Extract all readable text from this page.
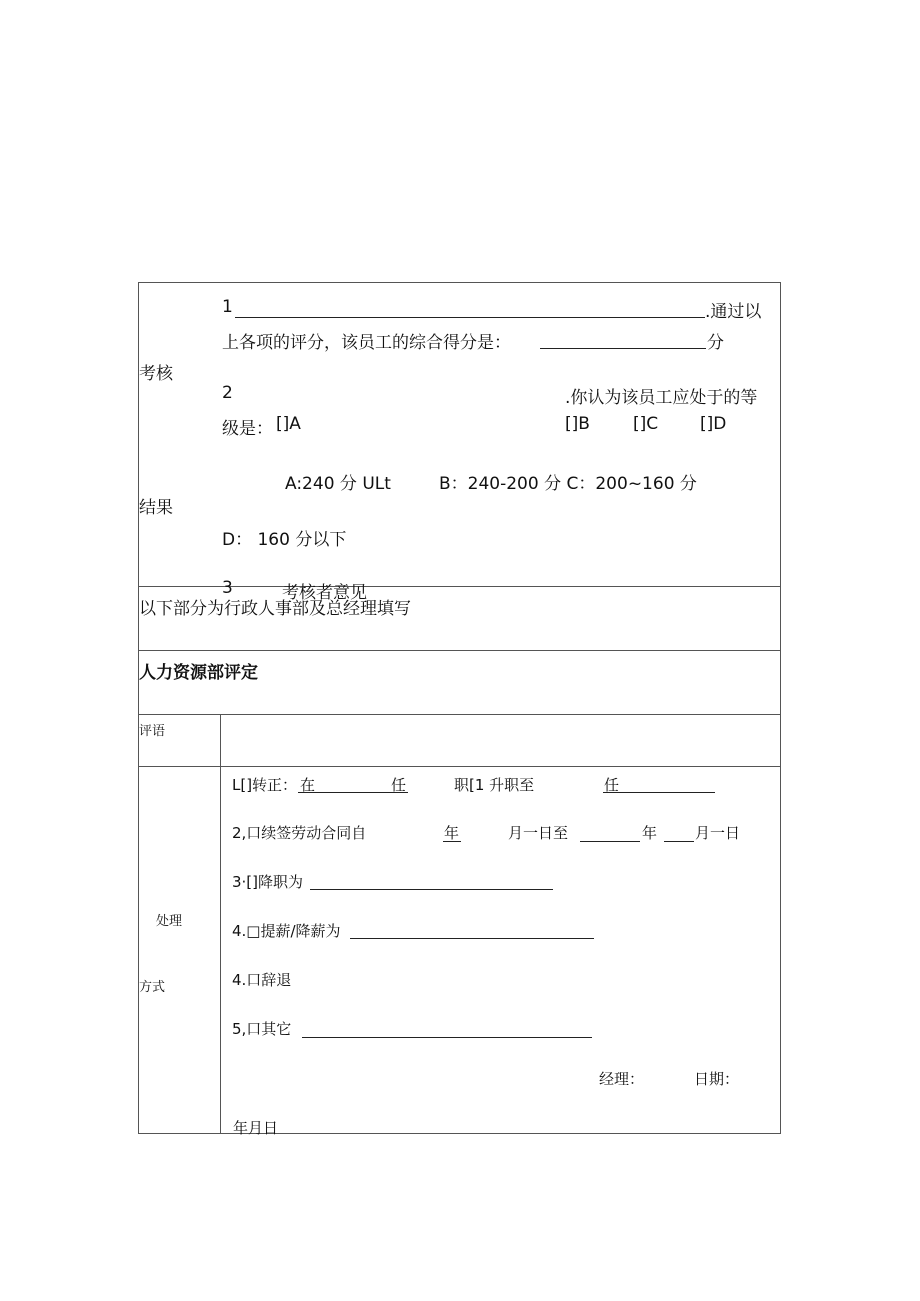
考核
结果
1	.通过以
上各项的评分，该员工的综合得分是：	分
2	.你认为该员工应处于的等
级是： []A	[]B	[]C []D
A:240 分 ULt	B：240-200 分 C：200~160 分
D： 160 分以下
3	考核者意见
以下部分为行政人事部及总经理填写
人力资源部评定
评语
处理
方式
L[]转正： 在	任	职[1 升职至	任
2,口续签劳动合同自	年	月一日至	年	月一日
3·[]降职为
4.□提薪/降薪为
4.口辞退
5,口其它
经理：	日期：
年月日
